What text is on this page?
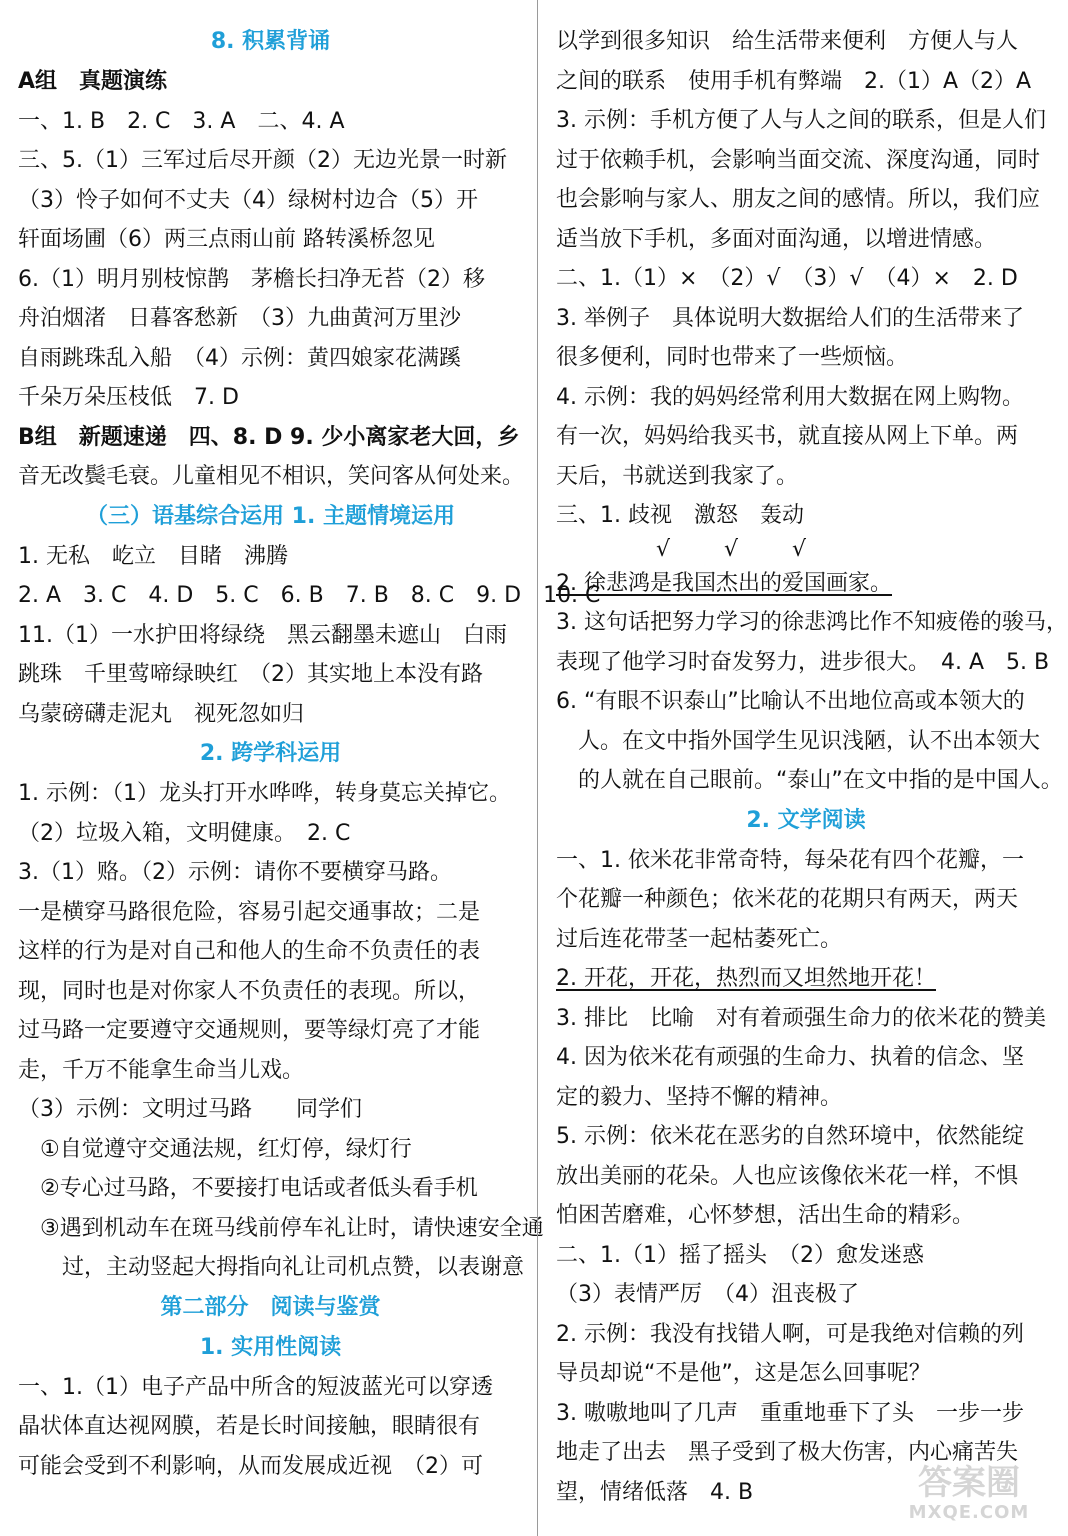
8. 积累背诵
A组　真题演练
一、1. B　2. C　3. A　二、4. A
三、5.（1）三军过后尽开颜（2）无边光景一时新
（3）怜子如何不丈夫（4）绿树村边合（5）开
轩面场圃（6）两三点雨山前 路转溪桥忽见
6.（1）明月别枝惊鹊　茅檐长扫净无苔（2）移
舟泊烟渚　日暮客愁新　（3）九曲黄河万里沙
自雨跳珠乱入船　（4）示例：黄四娘家花满蹊
千朵万朵压枝低　7. D
B组　新题速递　四、8. D 9. 少小离家老大回，乡
音无改鬓毛衰。儿童相见不相识，笑问客从何处来。
（三）语基综合运用 1. 主题情境运用
1. 无私　屹立　目睹　沸腾
2. A　3. C　4. D　5. C　6. B　7. B　8. C　9. D　10. C
11.（1）一水护田将绿绕　黑云翻墨未遮山　白雨
跳珠　千里莺啼绿映红　（2）其实地上本没有路
乌蒙磅礴走泥丸　视死忽如归
2. 跨学科运用
1. 示例：（1）龙头打开水哗哗，转身莫忘关掉它。
（2）垃圾入箱，文明健康。　2. C
3.（1）赂。（2）示例：请你不要横穿马路。
一是横穿马路很危险，容易引起交通事故；二是
这样的行为是对自己和他人的生命不负责任的表
现，同时也是对你家人不负责任的表现。所以，
过马路一定要遵守交通规则，要等绿灯亮了才能
走，千万不能拿生命当儿戏。
（3）示例：文明过马路　　同学们
①自觉遵守交通法规，红灯停，绿灯行
②专心过马路，不要接打电话或者低头看手机
③遇到机动车在斑马线前停车礼让时，请快速安全通
　过，主动竖起大拇指向礼让司机点赞，以表谢意
第二部分　阅读与鉴赏
1. 实用性阅读
一、1.（1）电子产品中所含的短波蓝光可以穿透
晶状体直达视网膜，若是长时间接触，眼睛很有
可能会受到不利影响，从而发展成近视　（2）可
以学到很多知识　给生活带来便利　方便人与人
之间的联系　使用手机有弊端　2.（1）A（2）A
3. 示例：手机方便了人与人之间的联系，但是人们
过于依赖手机，会影响当面交流、深度沟通，同时
也会影响与家人、朋友之间的感情。所以，我们应
适当放下手机，多面对面沟通，以增进情感。
二、1.（1）×　（2）√　（3）√　（4）×　2. D
3. 举例子　具体说明大数据给人们的生活带来了
很多便利，同时也带来了一些烦恼。
4. 示例：我的妈妈经常利用大数据在网上购物。
有一次，妈妈给我买书，就直接从网上下单。两
天后，书就送到我家了。
三、1. 歧视　激怒　轰动
√ √ √
2. 徐悲鸿是我国杰出的爱国画家。
3. 这句话把努力学习的徐悲鸿比作不知疲倦的骏马，
表现了他学习时奋发努力，进步很大。　4. A　5. B
6. “有眼不识泰山”比喻认不出地位高或本领大的
人。在文中指外国学生见识浅陋，认不出本领大
的人就在自己眼前。“泰山”在文中指的是中国人。
2. 文学阅读
一、1. 依米花非常奇特，每朵花有四个花瓣，一
个花瓣一种颜色；依米花的花期只有两天，两天
过后连花带茎一起枯萎死亡。
2. 开花，开花，热烈而又坦然地开花！
3. 排比　比喻　对有着顽强生命力的依米花的赞美
4. 因为依米花有顽强的生命力、执着的信念、坚
定的毅力、坚持不懈的精神。
5. 示例：依米花在恶劣的自然环境中，依然能绽
放出美丽的花朵。人也应该像依米花一样，不惧
怕困苦磨难，心怀梦想，活出生命的精彩。
二、1.（1）摇了摇头　（2）愈发迷惑
（3）表情严厉　（4）沮丧极了
2. 示例：我没有找错人啊，可是我绝对信赖的列
导员却说“不是他”，这是怎么回事呢？
3. 嗷嗷地叫了几声　重重地垂下了头　一步一步
地走了出去　黑子受到了极大伤害，内心痛苦失
望，情绪低落　4. B	答案圈
MXQE.COM
